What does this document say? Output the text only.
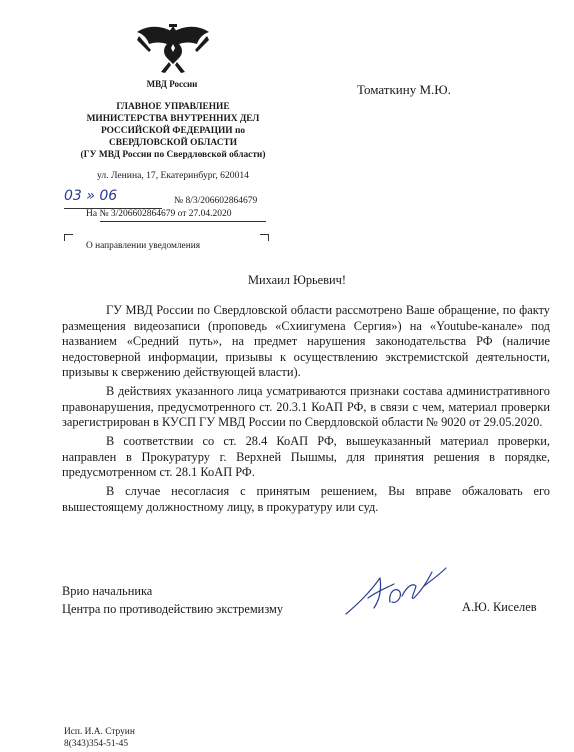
МВД России
ГЛАВНОЕ УПРАВЛЕНИЕ
МИНИСТЕРСТВА ВНУТРЕННИХ ДЕЛ
РОССИЙСКОЙ ФЕДЕРАЦИИ по
СВЕРДЛОВСКОЙ ОБЛАСТИ
(ГУ МВД России по Свердловской области)
ул. Ленина, 17, Екатеринбург, 620014
Томаткину М.Ю.
03 » 06	№ 8/3/206602864679
На № 3/206602864679 от 27.04.2020
О направлении уведомления
Михаил Юрьевич!

ГУ МВД России по Свердловской области рассмотрено Ваше обращение, по факту размещения видеозаписи (проповедь «Схиигумена Сергия») на «Youtube-канале» под названием «Средний путь», на предмет нарушения законодательства РФ (наличие недостоверной информации, призывы к осуществлению экстремистской деятельности, призывы к свержению действующей власти).

В действиях указанного лица усматриваются признаки состава административного правонарушения, предусмотренного ст. 20.3.1 КоАП РФ, в связи с чем, материал проверки зарегистрирован в КУСП ГУ МВД России по Свердловской области № 9020 от 29.05.2020.

В соответствии со ст. 28.4 КоАП РФ, вышеуказанный материал проверки, направлен в Прокуратуру г. Верхней Пышмы, для принятия решения в порядке, предусмотренном ст. 28.1 КоАП РФ.

В случае несогласия с принятым решением, Вы вправе обжаловать его вышестоящему должностному лицу, в прокуратуру или суд.

Врио начальника
Центра по противодействию экстремизму	А.Ю. Киселев
Исп. И.А. Струин
8(343)354-51-45
